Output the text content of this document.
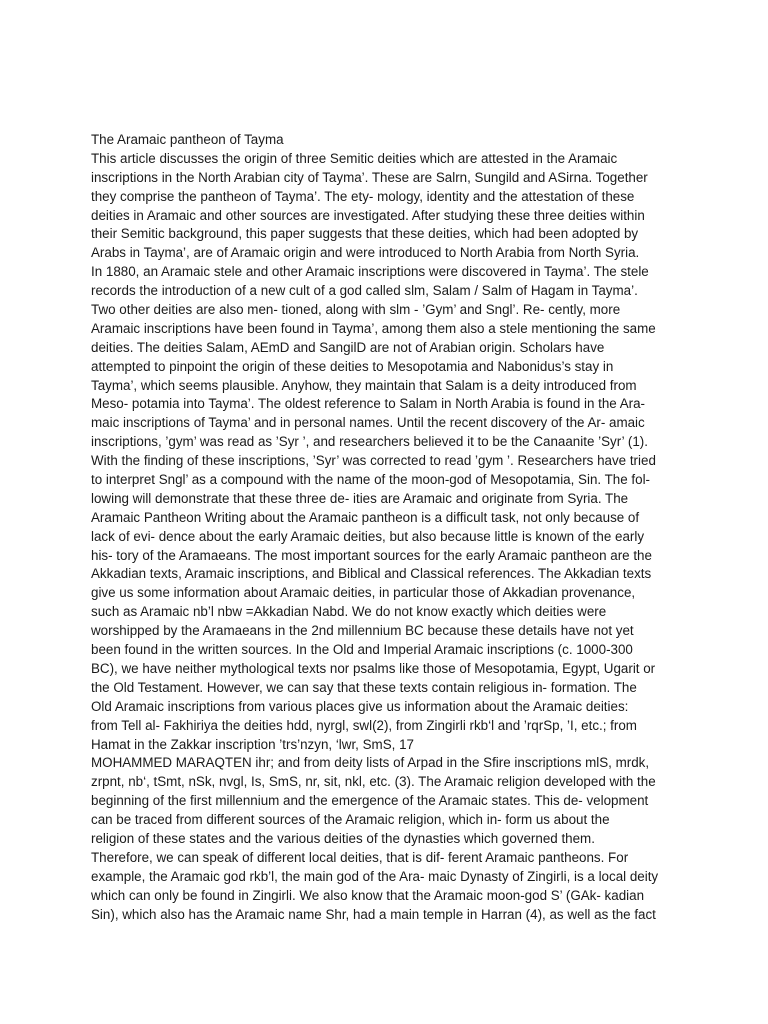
The Aramaic pantheon of Tayma
This article discusses the origin of three Semitic deities which are attested in the Aramaic
inscriptions in the North Arabian city of Tayma’. These are Salrn, Sungild and ASirna. Together
they comprise the pantheon of Tayma’. The ety- mology, identity and the attestation of these
deities in Aramaic and other sources are investigated. After studying these three deities within
their Semitic background, this paper suggests that these deities, which had been adopted by
Arabs in Tayma’, are of Aramaic origin and were introduced to North Arabia from North Syria.
In 1880, an Aramaic stele and other Aramaic inscriptions were discovered in Tayma’. The stele
records the introduction of a new cult of a god called slm, Salam / Salm of Hagam in Tayma’.
Two other deities are also men- tioned, along with slm - ’Gym’ and Sngl’. Re- cently, more
Aramaic inscriptions have been found in Tayma’, among them also a stele mentioning the same
deities. The deities Salam, AEmD and SangilD are not of Arabian origin. Scholars have
attempted to pinpoint the origin of these deities to Mesopotamia and Nabonidus’s stay in
Tayma’, which seems plausible. Anyhow, they maintain that Salam is a deity introduced from
Meso- potamia into Tayma’. The oldest reference to Salam in North Arabia is found in the Ara-
maic inscriptions of Tayma’ and in personal names. Until the recent discovery of the Ar- amaic
inscriptions, ’gym’ was read as ’Syr ’, and researchers believed it to be the Canaanite ’Syr’ (1).
With the finding of these inscriptions, ’Syr’ was corrected to read ’gym ’. Researchers have tried
to interpret Sngl’ as a compound with the name of the moon-god of Mesopotamia, Sin. The fol-
lowing will demonstrate that these three de- ities are Aramaic and originate from Syria. The
Aramaic Pantheon Writing about the Aramaic pantheon is a difficult task, not only because of
lack of evi- dence about the early Aramaic deities, but also because little is known of the early
his- tory of the Aramaeans. The most important sources for the early Aramaic pantheon are the
Akkadian texts, Aramaic inscriptions, and Biblical and Classical references. The Akkadian texts
give us some information about Aramaic deities, in particular those of Akkadian provenance,
such as Aramaic nb’l nbw =Akkadian Nabd. We do not know exactly which deities were
worshipped by the Aramaeans in the 2nd millennium BC because these details have not yet
been found in the written sources. In the Old and Imperial Aramaic inscriptions (c. 1000-300
BC), we have neither mythological texts nor psalms like those of Mesopotamia, Egypt, Ugarit or
the Old Testament. However, we can say that these texts contain religious in- formation. The
Old Aramaic inscriptions from various places give us information about the Aramaic deities:
from Tell al- Fakhiriya the deities hdd, nyrgl, swl(2), from Zingirli rkb‘l and ’rqrSp, ’I, etc.; from
Hamat in the Zakkar inscription ’trs’nzyn, ‘lwr, SmS, 17
MOHAMMED MARAQTEN ihr; and from deity lists of Arpad in the Sfire inscriptions mlS, mrdk,
zrpnt, nb‘, tSmt, nSk, nvgl, Is, SmS, nr, sit, nkl, etc. (3). The Aramaic religion developed with the
beginning of the first millennium and the emergence of the Aramaic states. This de- velopment
can be traced from different sources of the Aramaic religion, which in- form us about the
religion of these states and the various deities of the dynasties which governed them.
Therefore, we can speak of different local deities, that is dif- ferent Aramaic pantheons. For
example, the Aramaic god rkb’l, the main god of the Ara- maic Dynasty of Zingirli, is a local deity
which can only be found in Zingirli. We also know that the Aramaic moon-god S’ (GAk- kadian
Sin), which also has the Aramaic name Shr, had a main temple in Harran (4), as well as the fact
